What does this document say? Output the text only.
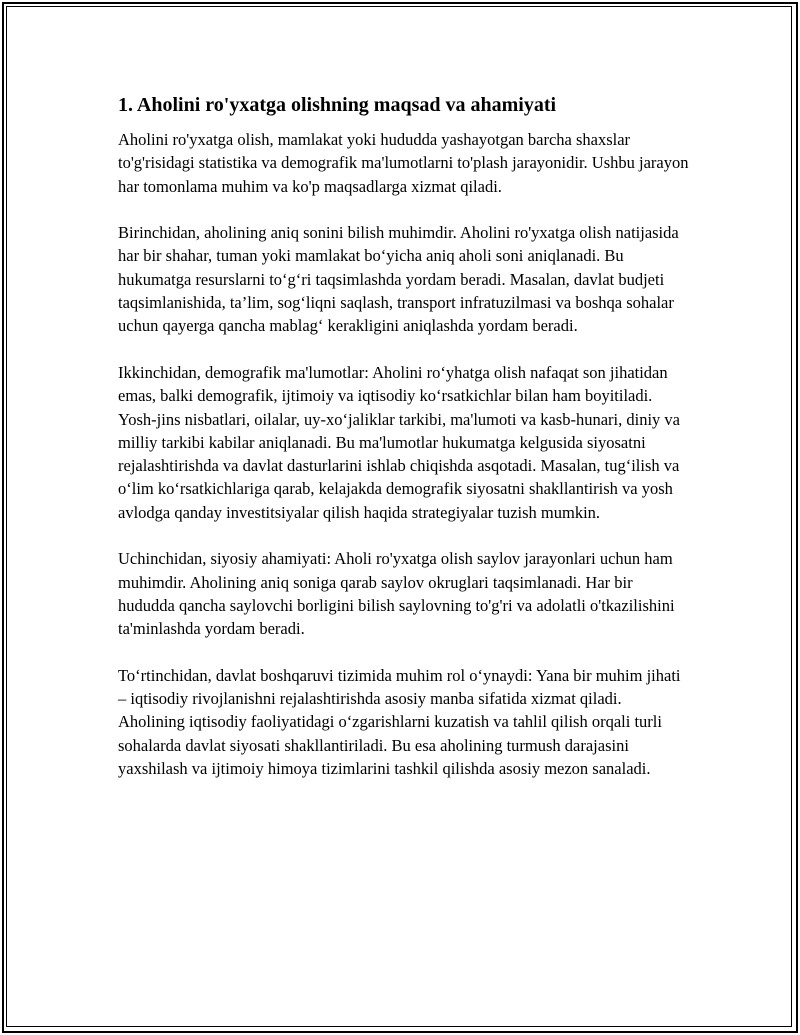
1. Aholini ro'yxatga olishning maqsad va ahamiyati

Aholini ro'yxatga olish, mamlakat yoki hududda yashayotgan barcha shaxslar to'g'risidagi statistika va demografik ma'lumotlarni to'plash jarayonidir. Ushbu jarayon har tomonlama muhim va ko'p maqsadlarga xizmat qiladi.

Birinchidan, aholining aniq sonini bilish muhimdir. Aholini ro'yxatga olish natijasida har bir shahar, tuman yoki mamlakat bo‘yicha aniq aholi soni aniqlanadi. Bu hukumatga resurslarni to‘g‘ri taqsimlashda yordam beradi. Masalan, davlat budjeti taqsimlanishida, ta’lim, sog‘liqni saqlash, transport infratuzilmasi va boshqa sohalar uchun qayerga qancha mablag‘ kerakligini aniqlashda yordam beradi.

Ikkinchidan, demografik ma'lumotlar: Aholini ro‘yhatga olish nafaqat son jihatidan emas, balki demografik, ijtimoiy va iqtisodiy ko‘rsatkichlar bilan ham boyitiladi. Yosh-jins nisbatlari, oilalar, uy-xo‘jaliklar tarkibi, ma'lumoti va kasb-hunari, diniy va milliy tarkibi kabilar aniqlanadi. Bu ma'lumotlar hukumatga kelgusida siyosatni rejalashtirishda va davlat dasturlarini ishlab chiqishda asqotadi. Masalan, tug‘ilish va o‘lim ko‘rsatkichlariga qarab, kelajakda demografik siyosatni shakllantirish va yosh avlodga qanday investitsiyalar qilish haqida strategiyalar tuzish mumkin.

Uchinchidan, siyosiy ahamiyati: Aholi ro'yxatga olish saylov jarayonlari uchun ham muhimdir. Aholining aniq soniga qarab saylov okruglari taqsimlanadi. Har bir hududda qancha saylovchi borligini bilish saylovning to'g'ri va adolatli o'tkazilishini ta'minlashda yordam beradi.

To‘rtinchidan, davlat boshqaruvi tizimida muhim rol o‘ynaydi: Yana bir muhim jihati – iqtisodiy rivojlanishni rejalashtirishda asosiy manba sifatida xizmat qiladi. Aholining iqtisodiy faoliyatidagi o‘zgarishlarni kuzatish va tahlil qilish orqali turli sohalarda davlat siyosati shakllantiriladi. Bu esa aholining turmush darajasini yaxshilash va ijtimoiy himoya tizimlarini tashkil qilishda asosiy mezon sanaladi.
